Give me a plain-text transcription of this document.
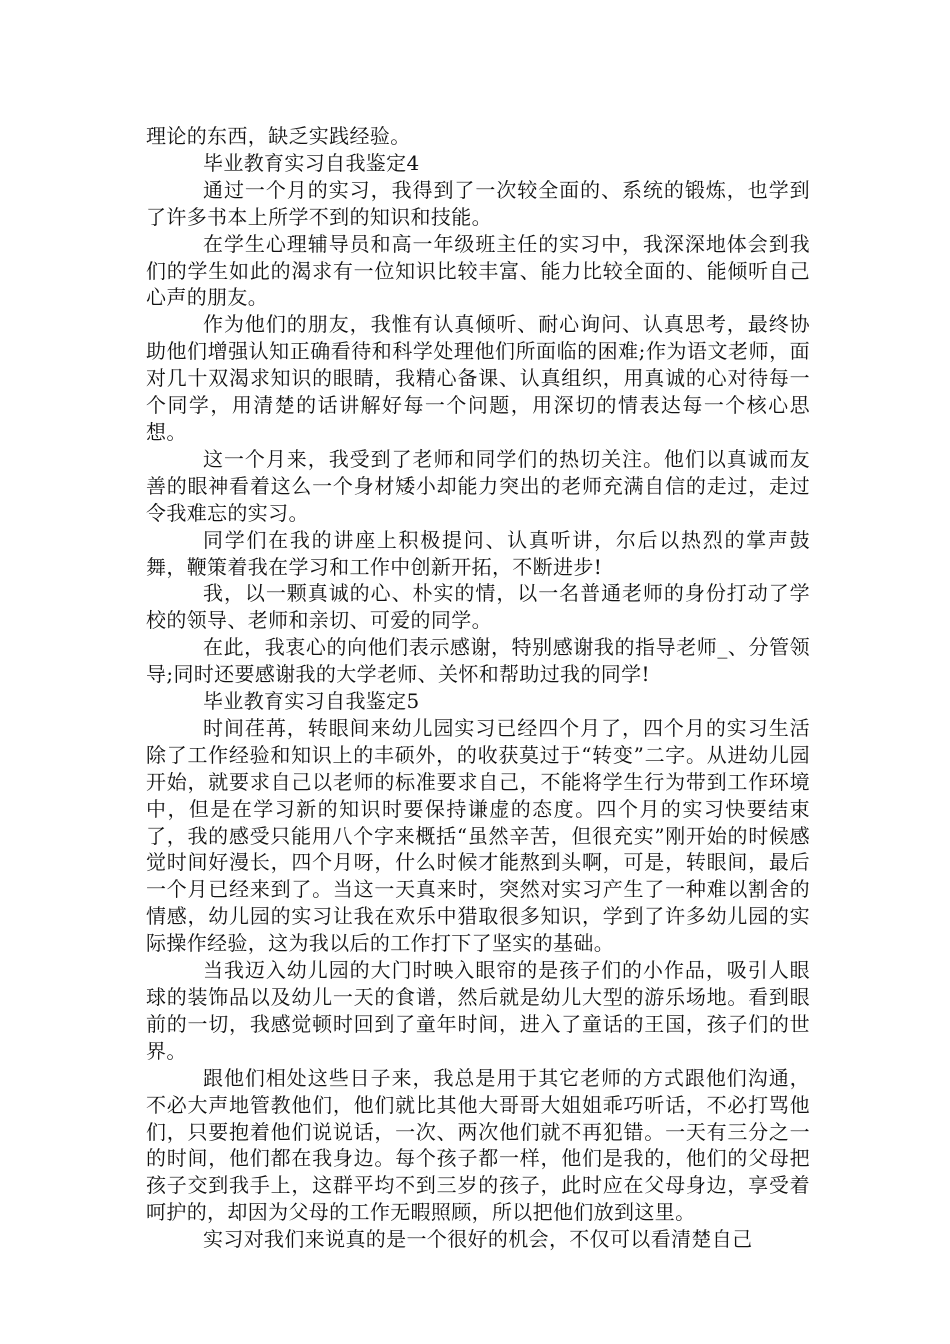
理论的东西，缺乏实践经验。

毕业教育实习自我鉴定4

通过一个月的实习，我得到了一次较全面的、系统的锻炼，也学到了许多书本上所学不到的知识和技能。

在学生心理辅导员和高一年级班主任的实习中，我深深地体会到我们的学生如此的渴求有一位知识比较丰富、能力比较全面的、能倾听自己心声的朋友。

作为他们的朋友，我惟有认真倾听、耐心询问、认真思考，最终协助他们增强认知正确看待和科学处理他们所面临的困难;作为语文老师，面对几十双渴求知识的眼睛，我精心备课、认真组织，用真诚的心对待每一个同学，用清楚的话讲解好每一个问题，用深切的情表达每一个核心思想。

这一个月来，我受到了老师和同学们的热切关注。他们以真诚而友善的眼神看着这么一个身材矮小却能力突出的老师充满自信的走过，走过令我难忘的实习。

同学们在我的讲座上积极提问、认真听讲，尔后以热烈的掌声鼓舞，鞭策着我在学习和工作中创新开拓，不断进步!

我，以一颗真诚的心、朴实的情，以一名普通老师的身份打动了学校的领导、老师和亲切、可爱的同学。

在此，我衷心的向他们表示感谢，特别感谢我的指导老师_、分管领导;同时还要感谢我的大学老师、关怀和帮助过我的同学!

毕业教育实习自我鉴定5

时间荏苒，转眼间来幼儿园实习已经四个月了，四个月的实习生活除了工作经验和知识上的丰硕外，的收获莫过于“转变”二字。从进幼儿园开始，就要求自己以老师的标准要求自己，不能将学生行为带到工作环境中，但是在学习新的知识时要保持谦虚的态度。四个月的实习快要结束了，我的感受只能用八个字来概括“虽然辛苦，但很充实”刚开始的时候感觉时间好漫长，四个月呀，什么时候才能熬到头啊，可是，转眼间，最后一个月已经来到了。当这一天真来时，突然对实习产生了一种难以割舍的情感，幼儿园的实习让我在欢乐中猎取很多知识，学到了许多幼儿园的实际操作经验，这为我以后的工作打下了坚实的基础。

当我迈入幼儿园的大门时映入眼帘的是孩子们的小作品，吸引人眼球的装饰品以及幼儿一天的食谱，然后就是幼儿大型的游乐场地。看到眼前的一切，我感觉顿时回到了童年时间，进入了童话的王国，孩子们的世界。

跟他们相处这些日子来，我总是用于其它老师的方式跟他们沟通，不必大声地管教他们，他们就比其他大哥哥大姐姐乖巧听话，不必打骂他们，只要抱着他们说说话，一次、两次他们就不再犯错。一天有三分之一的时间，他们都在我身边。每个孩子都一样，他们是我的，他们的父母把孩子交到我手上，这群平均不到三岁的孩子，此时应在父母身边，享受着呵护的，却因为父母的工作无暇照顾，所以把他们放到这里。

实习对我们来说真的是一个很好的机会，不仅可以看清楚自己
